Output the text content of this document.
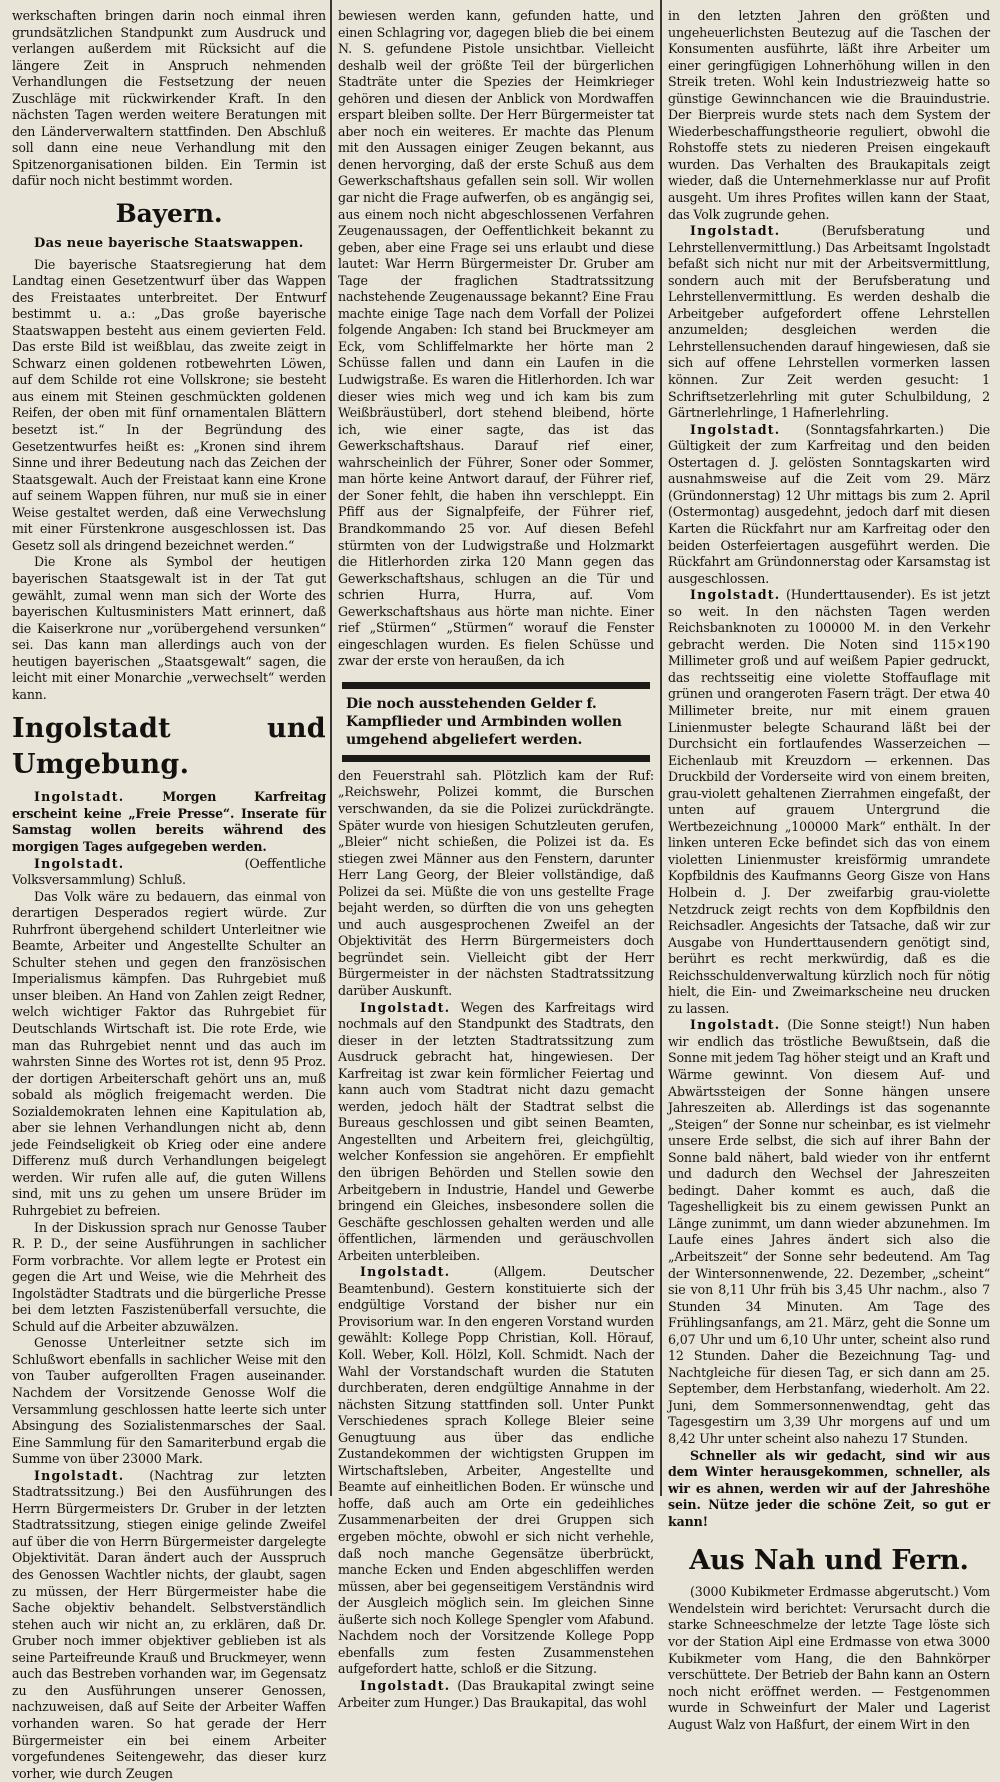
werkschaften bringen darin noch einmal ihren grundsätzlichen Standpunkt zum Ausdruck und verlangen außerdem mit Rücksicht auf die längere Zeit in Anspruch nehmenden Verhandlungen die Festsetzung der neuen Zuschläge mit rückwirkender Kraft. In den nächsten Tagen werden weitere Beratungen mit den Länderverwaltern stattfinden. Den Abschluß soll dann eine neue Verhandlung mit den Spitzenorganisationen bilden. Ein Termin ist dafür noch nicht bestimmt worden.

Bayern.
Das neue bayerische Staatswappen.

Die bayerische Staatsregierung hat dem Landtag einen Gesetzentwurf über das Wappen des Freistaates unterbreitet. Der Entwurf bestimmt u. a.: „Das große bayerische Staatswappen besteht aus einem gevierten Feld. Das erste Bild ist weißblau, das zweite zeigt in Schwarz einen goldenen rotbewehrten Löwen, auf dem Schilde rot eine Vollskrone; sie besteht aus einem mit Steinen geschmückten goldenen Reifen, der oben mit fünf ornamentalen Blättern besetzt ist.“ In der Begründung des Gesetzentwurfes heißt es: „Kronen sind ihrem Sinne und ihrer Bedeutung nach das Zeichen der Staatsgewalt. Auch der Freistaat kann eine Krone auf seinem Wappen führen, nur muß sie in einer Weise gestaltet werden, daß eine Verwechslung mit einer Fürstenkrone ausgeschlossen ist. Das Gesetz soll als dringend bezeichnet werden.“

Die Krone als Symbol der heutigen bayerischen Staatsgewalt ist in der Tat gut gewählt, zumal wenn man sich der Worte des bayerischen Kultusministers Matt erinnert, daß die Kaiserkrone nur „vorübergehend versunken“ sei. Das kann man allerdings auch von der heutigen bayerischen „Staatsgewalt“ sagen, die leicht mit einer Monarchie „verwechselt“ werden kann.

Ingolstadt und Umgebung.

Ingolstadt.	Morgen Karfreitag erscheint keine „Freie Presse“. Inserate für Samstag wollen bereits während des morgigen Tages aufgegeben werden.

Ingolstadt.	(Oeffentliche Volksversammlung) Schluß.

Das Volk wäre zu bedauern, das einmal von derartigen Desperados regiert würde. Zur Ruhrfront übergehend schildert Unterleitner wie Beamte, Arbeiter und Angestellte Schulter an Schulter stehen und gegen den französischen Imperialismus kämpfen. Das Ruhrgebiet muß unser bleiben. An Hand von Zahlen zeigt Redner, welch wichtiger Faktor das Ruhrgebiet für Deutschlands Wirtschaft ist. Die rote Erde, wie man das Ruhrgebiet nennt und das auch im wahrsten Sinne des Wortes rot ist, denn 95 Proz. der dortigen Arbeiterschaft gehört uns an, muß sobald als möglich freigemacht werden. Die Sozialdemokraten lehnen eine Kapitulation ab, aber sie lehnen Verhandlungen nicht ab, denn jede Feindseligkeit ob Krieg oder eine andere Differenz muß durch Verhandlungen beigelegt werden. Wir rufen alle auf, die guten Willens sind, mit uns zu gehen um unsere Brüder im Ruhrgebiet zu befreien.

In der Diskussion sprach nur Genosse Tauber R. P. D., der seine Ausführungen in sachlicher Form vorbrachte. Vor allem legte er Protest ein gegen die Art und Weise, wie die Mehrheit des Ingolstädter Stadtrats und die bürgerliche Presse bei dem letzten Faszistenüberfall versuchte, die Schuld auf die Arbeiter abzuwälzen.

Genosse Unterleitner setzte sich im Schlußwort ebenfalls in sachlicher Weise mit den von Tauber aufgerollten Fragen auseinander. Nachdem der Vorsitzende Genosse Wolf die Versammlung geschlossen hatte leerte sich unter Absingung des Sozialistenmarsches der Saal. Eine Sammlung für den Samariterbund ergab die Summe von über 23000 Mark.

Ingolstadt. (Nachtrag zur letzten Stadtratssitzung.) Bei den Ausführungen des Herrn Bürgermeisters Dr. Gruber in der letzten Stadtratssitzung, stiegen einige gelinde Zweifel auf über die von Herrn Bürgermeister dargelegte Objektivität. Daran ändert auch der Ausspruch des Genossen Wachtler nichts, der glaubt, sagen zu müssen, der Herr Bürgermeister habe die Sache objektiv behandelt. Selbstverständlich stehen auch wir nicht an, zu erklären, daß Dr. Gruber noch immer objektiver geblieben ist als seine Parteifreunde Krauß und Bruckmeyer, wenn auch das Bestreben vorhanden war, im Gegensatz zu den Ausführungen unserer Genossen, nachzuweisen, daß auf Seite der Arbeiter Waffen vorhanden waren. So hat gerade der Herr Bürgermeister ein bei einem Arbeiter vorgefundenes Seitengewehr, das dieser kurz vorher, wie durch Zeugen

bewiesen werden kann, gefunden hatte, und einen Schlagring vor, dagegen blieb die bei einem N. S. gefundene Pistole unsichtbar. Vielleicht deshalb weil der größte Teil der bürgerlichen Stadträte unter die Spezies der Heimkrieger gehören und diesen der Anblick von Mordwaffen erspart bleiben sollte. Der Herr Bürgermeister tat aber noch ein weiteres. Er machte das Plenum mit den Aussagen einiger Zeugen bekannt, aus denen hervorging, daß der erste Schuß aus dem Gewerkschaftshaus gefallen sein soll. Wir wollen gar nicht die Frage aufwerfen, ob es angängig sei, aus einem noch nicht abgeschlossenen Verfahren Zeugenaussagen, der Oeffentlichkeit bekannt zu geben, aber eine Frage sei uns erlaubt und diese lautet: War Herrn Bürgermeister Dr. Gruber am Tage der fraglichen Stadtratssitzung nachstehende Zeugenaussage bekannt? Eine Frau machte einige Tage nach dem Vorfall der Polizei folgende Angaben: Ich stand bei Bruckmeyer am Eck, vom Schliffelmarkte her hörte man 2 Schüsse fallen und dann ein Laufen in die Ludwigstraße. Es waren die Hitlerhorden. Ich war dieser wies mich weg und ich kam bis zum Weißbräustüberl, dort stehend bleibend, hörte ich, wie einer sagte, das ist das Gewerkschaftshaus. Darauf rief einer, wahrscheinlich der Führer, Soner oder Sommer, man hörte keine Antwort darauf, der Führer rief, der Soner fehlt, die haben ihn verschleppt. Ein Pfiff aus der Signalpfeife, der Führer rief, Brandkommando 25 vor. Auf diesen Befehl stürmten von der Ludwigstraße und Holzmarkt die Hitlerhorden zirka 120 Mann gegen das Gewerkschaftshaus, schlugen an die Tür und schrien Hurra, Hurra, auf. Vom Gewerkschaftshaus aus hörte man nichte. Einer rief „Stürmen“ „Stürmen“ worauf die Fenster eingeschlagen wurden. Es fielen Schüsse und zwar der erste von heraußen, da ich

Die noch ausstehenden Gelder f. Kampflieder und Armbinden wollen umgehend abgeliefert werden.

den Feuerstrahl sah. Plötzlich kam der Ruf: „Reichswehr, Polizei kommt, die Burschen verschwanden, da sie die Polizei zurückdrängte. Später wurde von hiesigen Schutzleuten gerufen, „Bleier“ nicht schießen, die Polizei ist da. Es stiegen zwei Männer aus den Fenstern, darunter Herr Lang Georg, der Bleier vollständige, daß Polizei da sei. Müßte die von uns gestellte Frage bejaht werden, so dürften die von uns gehegten und auch ausgesprochenen Zweifel an der Objektivität des Herrn Bürgermeisters doch begründet sein. Vielleicht gibt der Herr Bürgermeister in der nächsten Stadtratssitzung darüber Auskunft.

Ingolstadt. Wegen des Karfreitags wird nochmals auf den Standpunkt des Stadtrats, den dieser in der letzten Stadtratssitzung zum Ausdruck gebracht hat, hingewiesen. Der Karfreitag ist zwar kein förmlicher Feiertag und kann auch vom Stadtrat nicht dazu gemacht werden, jedoch hält der Stadtrat selbst die Bureaus geschlossen und gibt seinen Beamten, Angestellten und Arbeitern frei, gleichgültig, welcher Konfession sie angehören. Er empfiehlt den übrigen Behörden und Stellen sowie den Arbeitgebern in Industrie, Handel und Gewerbe bringend ein Gleiches, insbesondere sollen die Geschäfte geschlossen gehalten werden und alle öffentlichen, lärmenden und geräuschvollen Arbeiten unterbleiben.

Ingolstadt.	(Allgem. Deutscher Beamtenbund). Gestern konstituierte sich der endgültige Vorstand der bisher nur ein Provisorium war. In den engeren Vorstand wurden gewählt: Kollege Popp Christian, Koll. Hörauf, Koll. Weber, Koll. Hölzl, Koll. Schmidt. Nach der Wahl der Vorstandschaft wurden die Statuten durchberaten, deren endgültige Annahme in der nächsten Sitzung stattfinden soll. Unter Punkt Verschiedenes sprach Kollege Bleier seine Genugtuung aus über das endliche Zustandekommen der wichtigsten Gruppen im Wirtschaftsleben, Arbeiter, Angestellte und Beamte auf einheitlichen Boden. Er wünsche und hoffe, daß auch am Orte ein gedeihliches Zusammenarbeiten der drei Gruppen sich ergeben möchte, obwohl er sich nicht verhehle, daß noch manche Gegensätze überbrückt, manche Ecken und Enden abgeschliffen werden müssen, aber bei gegenseitigem Verständnis wird der Ausgleich möglich sein. Im gleichen Sinne äußerte sich noch Kollege Spengler vom Afabund. Nachdem noch der Vorsitzende Kollege Popp ebenfalls zum festen Zusammenstehen aufgefordert hatte, schloß er die Sitzung.

Ingolstadt. (Das Braukapital zwingt seine Arbeiter zum Hunger.) Das Braukapital, das wohl

in den letzten Jahren den größten und ungeheuerlichsten Beutezug auf die Taschen der Konsumenten ausführte, läßt ihre Arbeiter um einer geringfügigen Lohnerhöhung willen in den Streik treten. Wohl kein Industriezweig hatte so günstige Gewinnchancen wie die Brauindustrie. Der Bierpreis wurde stets nach dem System der Wiederbeschaffungstheorie reguliert, obwohl die Rohstoffe stets zu niederen Preisen eingekauft wurden. Das Verhalten des Braukapitals zeigt wieder, daß die Unternehmerklasse nur auf Profit ausgeht. Um ihres Profites willen kann der Staat, das Volk zugrunde gehen.

Ingolstadt.	(Berufsberatung und Lehrstellenvermittlung.) Das Arbeitsamt Ingolstadt befaßt sich nicht nur mit der Arbeitsvermittlung, sondern auch mit der Berufsberatung und Lehrstellenvermittlung. Es werden deshalb die Arbeitgeber aufgefordert offene Lehrstellen anzumelden; desgleichen werden die Lehrstellensuchenden darauf hingewiesen, daß sie sich auf offene Lehrstellen vormerken lassen können. Zur Zeit werden gesucht: 1 Schriftsetzerlehrling mit guter Schulbildung, 2 Gärtnerlehrlinge, 1 Hafnerlehrling.

Ingolstadt. (Sonntagsfahrkarten.) Die Gültigkeit der zum Karfreitag und den beiden Ostertagen d. J. gelösten Sonntagskarten wird ausnahmsweise auf die Zeit vom 29. März (Gründonnerstag) 12 Uhr mittags bis zum 2. April (Ostermontag) ausgedehnt, jedoch darf mit diesen Karten die Rückfahrt nur am Karfreitag oder den beiden Osterfeiertagen ausgeführt werden. Die Rückfahrt am Gründonnerstag oder Karsamstag ist ausgeschlossen.

Ingolstadt. (Hunderttausender). Es ist jetzt so weit. In den nächsten Tagen werden Reichsbanknoten zu 100000 M. in den Verkehr gebracht werden. Die Noten sind 115×190 Millimeter groß und auf weißem Papier gedruckt, das rechtsseitig eine violette Stoffauflage mit grünen und orangeroten Fasern trägt. Der etwa 40 Millimeter breite, nur mit einem grauen Linienmuster belegte Schaurand läßt bei der Durchsicht ein fortlaufendes Wasserzeichen — Eichenlaub mit Kreuzdorn — erkennen. Das Druckbild der Vorderseite wird von einem breiten, grau-violett gehaltenen Zierrahmen eingefaßt, der unten auf grauem Untergrund die Wertbezeichnung „100000 Mark“ enthält. In der linken unteren Ecke befindet sich das von einem violetten Linienmuster kreisförmig umrandete Kopfbildnis des Kaufmanns Georg Gisze von Hans Holbein d. J. Der zweifarbig grau-violette Netzdruck zeigt rechts von dem Kopfbildnis den Reichsadler. Angesichts der Tatsache, daß wir zur Ausgabe von Hunderttausendern genötigt sind, berührt es recht merkwürdig, daß es die Reichsschuldenverwaltung kürzlich noch für nötig hielt, die Ein- und Zweimarkscheine neu drucken zu lassen.

Ingolstadt. (Die Sonne steigt!) Nun haben wir endlich das tröstliche Bewußtsein, daß die Sonne mit jedem Tag höher steigt und an Kraft und Wärme gewinnt. Von diesem Auf- und Abwärtssteigen der Sonne hängen unsere Jahreszeiten ab. Allerdings ist das sogenannte „Steigen“ der Sonne nur scheinbar, es ist vielmehr unsere Erde selbst, die sich auf ihrer Bahn der Sonne bald nähert, bald wieder von ihr entfernt und dadurch den Wechsel der Jahreszeiten bedingt. Daher kommt es auch, daß die Tageshelligkeit bis zu einem gewissen Punkt an Länge zunimmt, um dann wieder abzunehmen. Im Laufe eines Jahres ändert sich also die „Arbeitszeit“ der Sonne sehr bedeutend. Am Tag der Wintersonnenwende, 22. Dezember, „scheint“ sie von 8,11 Uhr früh bis 3,45 Uhr nachm., also 7 Stunden 34 Minuten. Am Tage des Frühlingsanfangs, am 21. März, geht die Sonne um 6,07 Uhr und um 6,10 Uhr unter, scheint also rund 12 Stunden. Daher die Bezeichnung Tag- und Nachtgleiche für diesen Tag, er sich dann am 25. September, dem Herbstanfang, wiederholt. Am 22. Juni, dem Sommersonnenwendtag, geht das Tagesgestirn um 3,39 Uhr morgens auf und um 8,42 Uhr unter scheint also nahezu 17 Stunden.

Schneller als wir gedacht, sind wir aus dem Winter herausgekommen, schneller, als wir es ahnen, werden wir auf der Jahreshöhe sein. Nütze jeder die schöne Zeit, so gut er kann!

Aus Nah und Fern.

(3000 Kubikmeter Erdmasse abgerutscht.) Vom Wendelstein wird berichtet: Verursacht durch die starke Schneeschmelze der letzte Tage löste sich vor der Station Aipl eine Erdmasse von etwa 3000 Kubikmeter vom Hang, die den Bahnkörper verschüttete. Der Betrieb der Bahn kann an Ostern noch nicht eröffnet werden. — Festgenommen wurde in Schweinfurt der Maler und Lagerist August Walz von Haßfurt, der einem Wirt in den
